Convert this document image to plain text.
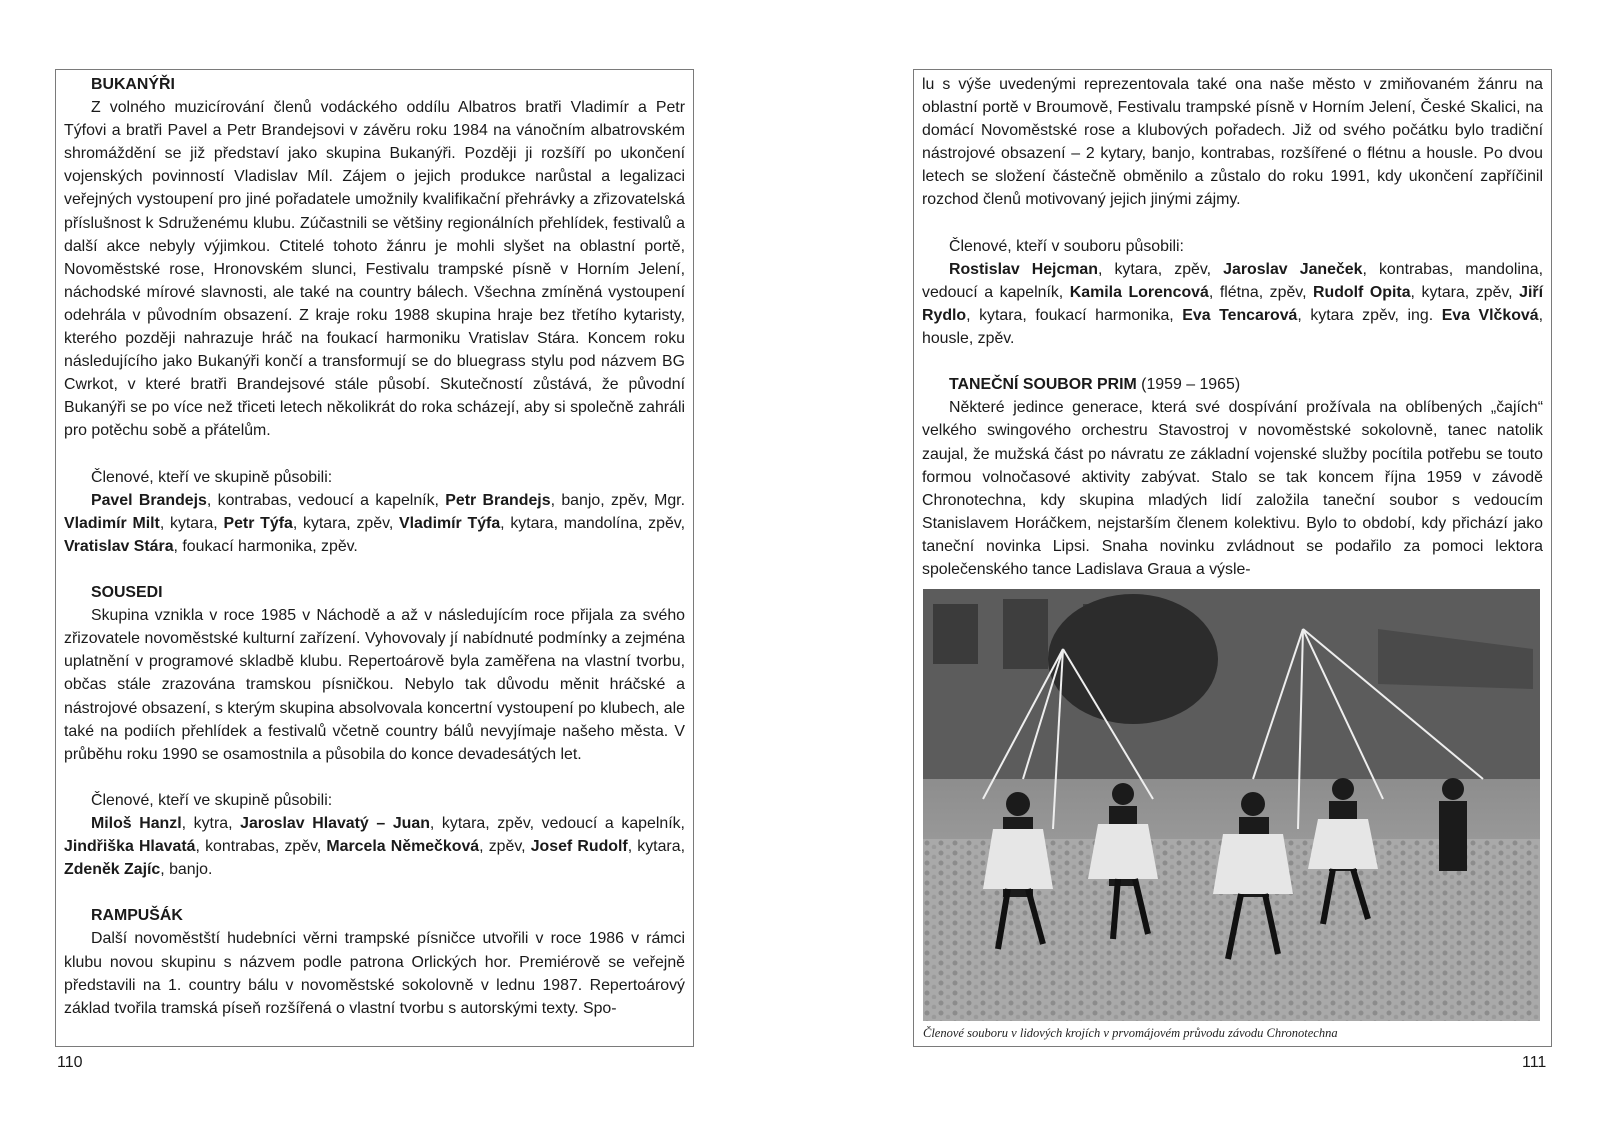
BUKANÝŘI

Z volného muzicírování členů vodáckého oddílu Albatros bratři Vladimír a Petr Týfovi a bratři Pavel a Petr Brandejsovi v závěru roku 1984 na vánočním albatrovském shromáždění se již představí jako skupina Bukanýři. Později ji rozšíří po ukončení vojenských povinností Vladislav Míl. Zájem o jejich produkce narůstal a legalizaci veřejných vystoupení pro jiné pořadatele umožnily kvalifikační přehrávky a zřizovatelská příslušnost k Sdruženému klubu. Zúčastnili se většiny regionálních přehlídek, festivalů a další akce nebyly výjimkou. Ctitelé tohoto žánru je mohli slyšet na oblastní portě, Novoměstské rose, Hronovském slunci, Festivalu trampské písně v Horním Jelení, náchodské mírové slavnosti, ale také na country bálech. Všechna zmíněná vystoupení odehrála v původním obsazení. Z kraje roku 1988 skupina hraje bez třetího kytaristy, kterého později nahrazuje hráč na foukací harmoniku Vratislav Stára. Koncem roku následujícího jako Bukanýři končí a transformují se do bluegrass stylu pod názvem BG Cwrkot, v které bratři Brandejsové stále působí. Skutečností zůstává, že původní Bukanýři se po více než třiceti letech několikrát do roka scházejí, aby si společně zahráli pro potěchu sobě a přátelům.

Členové, kteří ve skupině působili:

Pavel Brandejs, kontrabas, vedoucí a kapelník, Petr Brandejs, banjo, zpěv, Mgr. Vladimír Milt, kytara, Petr Týfa, kytara, zpěv, Vladimír Týfa, kytara, mandolína, zpěv, Vratislav Stára, foukací harmonika, zpěv.

SOUSEDI

Skupina vznikla v roce 1985 v Náchodě a až v následujícím roce přijala za svého zřizovatele novoměstské kulturní zařízení. Vyhovovaly jí nabídnuté podmínky a zejména uplatnění v programové skladbě klubu. Repertoárově byla zaměřena na vlastní tvorbu, občas stále zrazována tramskou písničkou. Nebylo tak důvodu měnit hráčské a nástrojové obsazení, s kterým skupina absolvovala koncertní vystoupení po klubech, ale také na podiích přehlídek a festivalů včetně country bálů nevyjímaje našeho města. V průběhu roku 1990 se osamostnila a působila do konce devadesátých let.

Členové, kteří ve skupině působili:

Miloš Hanzl, kytra, Jaroslav Hlavatý – Juan, kytara, zpěv, vedoucí a kapelník, Jindřiška Hlavatá, kontrabas, zpěv, Marcela Němečková, zpěv, Josef Rudolf, kytara, Zdeněk Zajíc, banjo.

RAMPUŠÁK

Další novoměstští hudebníci věrni trampské písničce utvořili v roce 1986 v rámci klubu novou skupinu s názvem podle patrona Orlických hor. Premiérově se veřejně představili na 1. country bálu v novoměstské sokolovně v lednu 1987. Repertoárový základ tvořila tramská píseň rozšířená o vlastní tvorbu s autorskými texty. Spo-

110

lu s výše uvedenými reprezentovala také ona naše město v zmiňovaném žánru na oblastní portě v Broumově, Festivalu trampské písně v Horním Jelení, České Skalici, na domácí Novoměstské rose a klubových pořadech. Již od svého počátku bylo tradiční nástrojové obsazení – 2 kytary, banjo, kontrabas, rozšířené o flétnu a housle. Po dvou letech se složení částečně obměnilo a zůstalo do roku 1991, kdy ukončení zapříčinil rozchod členů motivovaný jejich jinými zájmy.

Členové, kteří v souboru působili:

Rostislav Hejcman, kytara, zpěv, Jaroslav Janeček, kontrabas, mandolina, vedoucí a kapelník, Kamila Lorencová, flétna, zpěv, Rudolf Opita, kytara, zpěv, Jiří Rydlo, kytara, foukací harmonika, Eva Tencarová, kytara zpěv, ing. Eva Vlčková, housle, zpěv.

TANEČNÍ SOUBOR PRIM (1959 – 1965)

Některé jedince generace, která své dospívání prožívala na oblíbených „čajích“ velkého swingového orchestru Stavostroj v novoměstské sokolovně, tanec natolik zaujal, že mužská část po návratu ze základní vojenské služby pocítila potřebu se touto formou volnočasové aktivity zabývat. Stalo se tak koncem října 1959 v závodě Chronotechna, kdy skupina mladých lidí založila taneční soubor s vedoucím Stanislavem Horáčkem, nejstarším členem kolektivu. Bylo to období, kdy přichází jako taneční novinka Lipsi. Snaha novinku zvládnout se podařilo za pomoci lektora společenského tance Ladislava Graua a výsle-

Členové souboru v lidových krojích v prvomájovém průvodu závodu Chronotechna
111
